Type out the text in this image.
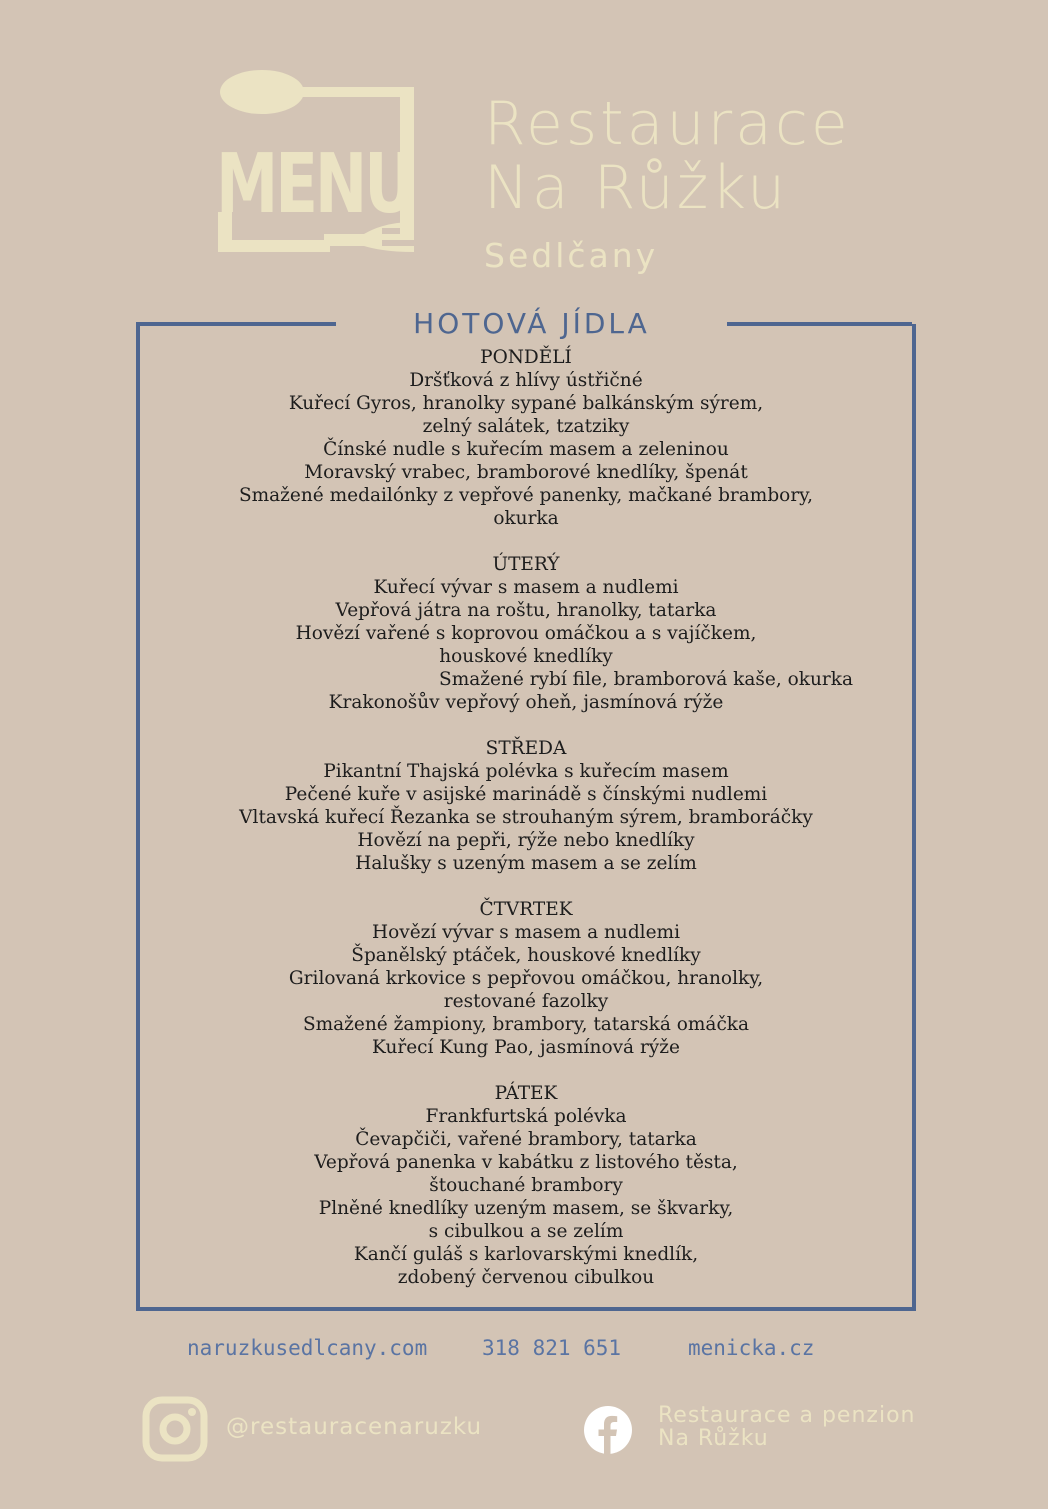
MENU
Restaurace
Na Růžku
Sedlčany
HOTOVÁ JÍDLA
PONDĚLÍ
Dršťková z hlívy ústřičné
Kuřecí Gyros, hranolky sypané balkánským sýrem,
zelný salátek, tzatziky
Čínské nudle s kuřecím masem a zeleninou
Moravský vrabec, bramborové knedlíky, špenát
Smažené medailónky z vepřové panenky, mačkané brambory,
okurka
ÚTERÝ
Kuřecí vývar s masem a nudlemi
Vepřová játra na roštu, hranolky, tatarka
Hovězí vařené s koprovou omáčkou a s vajíčkem,
houskové knedlíky
Smažené rybí file, bramborová kaše, okurka
Krakonošův vepřový oheň, jasmínová rýže
STŘEDA
Pikantní Thajská polévka s kuřecím masem
Pečené kuře v asijské marinádě s čínskými nudlemi
Vltavská kuřecí Řezanka se strouhaným sýrem, bramboráčky
Hovězí na pepři, rýže nebo knedlíky
Halušky s uzeným masem a se zelím
ČTVRTEK
Hovězí vývar s masem a nudlemi
Španělský ptáček, houskové knedlíky
Grilovaná krkovice s pepřovou omáčkou, hranolky,
restované fazolky
Smažené žampiony, brambory, tatarská omáčka
Kuřecí Kung Pao, jasmínová rýže
PÁTEK
Frankfurtská polévka
Čevapčiči, vařené brambory, tatarka
Vepřová panenka v kabátku z listového těsta,
štouchané brambory
Plněné knedlíky uzeným masem, se škvarky,
s cibulkou a se zelím
Kančí guláš s karlovarskými knedlík,
zdobený červenou cibulkou
naruzkusedlcany.com	318 821 651	menicka.cz
@restauracenaruzku	Restaurace a penzion
Na Růžku
